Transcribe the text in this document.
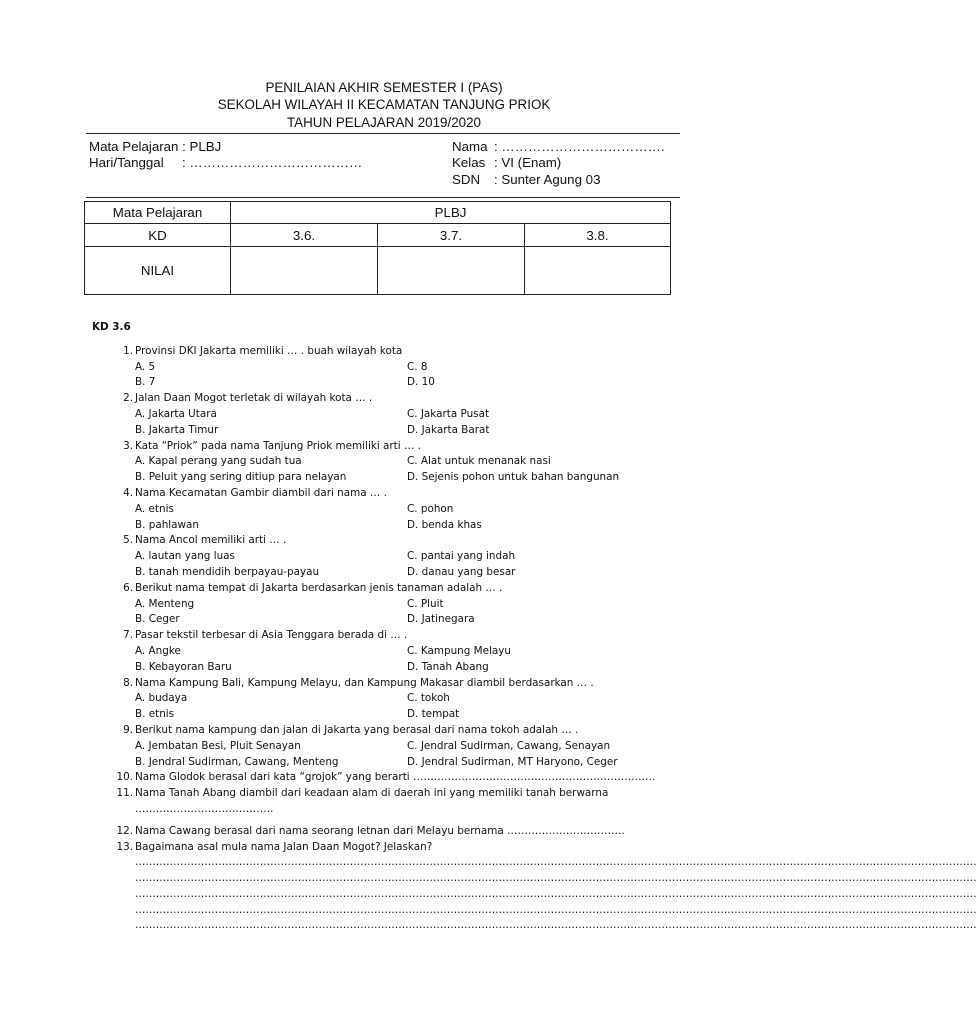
PENILAIAN AKHIR SEMESTER I (PAS)
SEKOLAH WILAYAH II KECAMATAN TANJUNG PRIOK
TAHUN PELAJARAN 2019/2020
Mata Pelajaran : PLBJ
Hari/Tanggal	: …………………………………
Nama : ……………………………….
Kelas : VI (Enam)
SDN	: Sunter Agung 03
Mata Pelajaran	PLBJ		
KD	3.6.	3.7.	3.8.
NILAI			
KD 3.6
1. Provinsi DKI Jakarta memiliki … . buah wilayah kota
A. 5	C. 8
B. 7	D. 10
2. Jalan Daan Mogot terletak di wilayah kota … .
A. Jakarta Utara	C. Jakarta Pusat
B. Jakarta Timur	D. Jakarta Barat
3. Kata “Priok” pada nama Tanjung Priok memiliki arti … .
A. Kapal perang yang sudah tua	C. Alat untuk menanak nasi
B. Peluit yang sering ditiup para nelayan	D. Sejenis pohon untuk bahan bangunan
4. Nama Kecamatan Gambir diambil dari nama … .
A. etnis	C. pohon
B. pahlawan	D. benda khas
5. Nama Ancol memiliki arti … .
A. lautan yang luas	C. pantai yang indah
B. tanah mendidih berpayau-payau	D. danau yang besar
6. Berikut nama tempat di Jakarta berdasarkan jenis tanaman adalah … .
A. Menteng	C. Pluit
B. Ceger	D. Jatinegara
7. Pasar tekstil terbesar di Asia Tenggara berada di … .
A. Angke	C. Kampung Melayu
B. Kebayoran Baru	D. Tanah Abang
8. Nama Kampung Bali, Kampung Melayu, dan Kampung Makasar diambil berdasarkan … .
A. budaya	C. tokoh
B. etnis	D. tempat
9. Berikut nama kampung dan jalan di Jakarta yang berasal dari nama tokoh adalah … .
A. Jembatan Besi, Pluit Senayan	C. Jendral Sudirman, Cawang, Senayan
B. Jendral Sudirman, Cawang, Menteng	D. Jendral Sudirman, MT Haryono, Ceger
10. Nama Glodok berasal dari kata “grojok” yang berarti …………………………………………………………….
11. Nama Tanah Abang diambil dari keadaan alam di daerah ini yang memiliki tanah berwarna
………………………………….
12. Nama Cawang berasal dari nama seorang letnan dari Melayu bernama …………………………….
13. Bagaimana asal mula nama Jalan Daan Mogot? Jelaskan?
………………………………………………………………………………………………………………………………………………………………………………………………………………………
………………………………………………………………………………………………………………………………………………………………………………………………………………………
………………………………………………………………………………………………………………………………………………………………………………………………………………………
………………………………………………………………………………………………………………………………………………………………………………………………………………………
………………………………………………………………………………………………………………………………………………………………………………………………………………………
